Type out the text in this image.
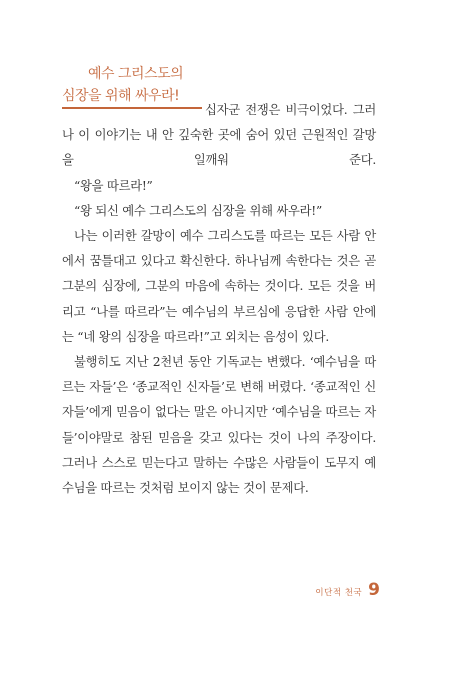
예수 그리스도의
심장을 위해 싸우라!

십자군 전쟁은 비극이었다. 그러나 이 이야기는 내 안 깊숙한 곳에 숨어 있던 근원적인 갈망을 일깨워 준다.

“왕을 따르라!”

“왕 되신 예수 그리스도의 심장을 위해 싸우라!”

나는 이러한 갈망이 예수 그리스도를 따르는 모든 사람 안에서 꿈틀대고 있다고 확신한다. 하나님께 속한다는 것은 곧 그분의 심장에, 그분의 마음에 속하는 것이다. 모든 것을 버리고 “나를 따르라”는 예수님의 부르심에 응답한 사람 안에는 “네 왕의 심장을 따르라!”고 외치는 음성이 있다.

불행히도 지난 2천년 동안 기독교는 변했다. ‘예수님을 따르는 자들’은 ‘종교적인 신자들’로 변해 버렸다. ‘종교적인 신자들’에게 믿음이 없다는 말은 아니지만 ‘예수님을 따르는 자들’이야말로 참된 믿음을 갖고 있다는 것이 나의 주장이다. 그러나 스스로 믿는다고 말하는 수많은 사람들이 도무지 예수님을 따르는 것처럼 보이지 않는 것이 문제다.

이단적 천국 9
